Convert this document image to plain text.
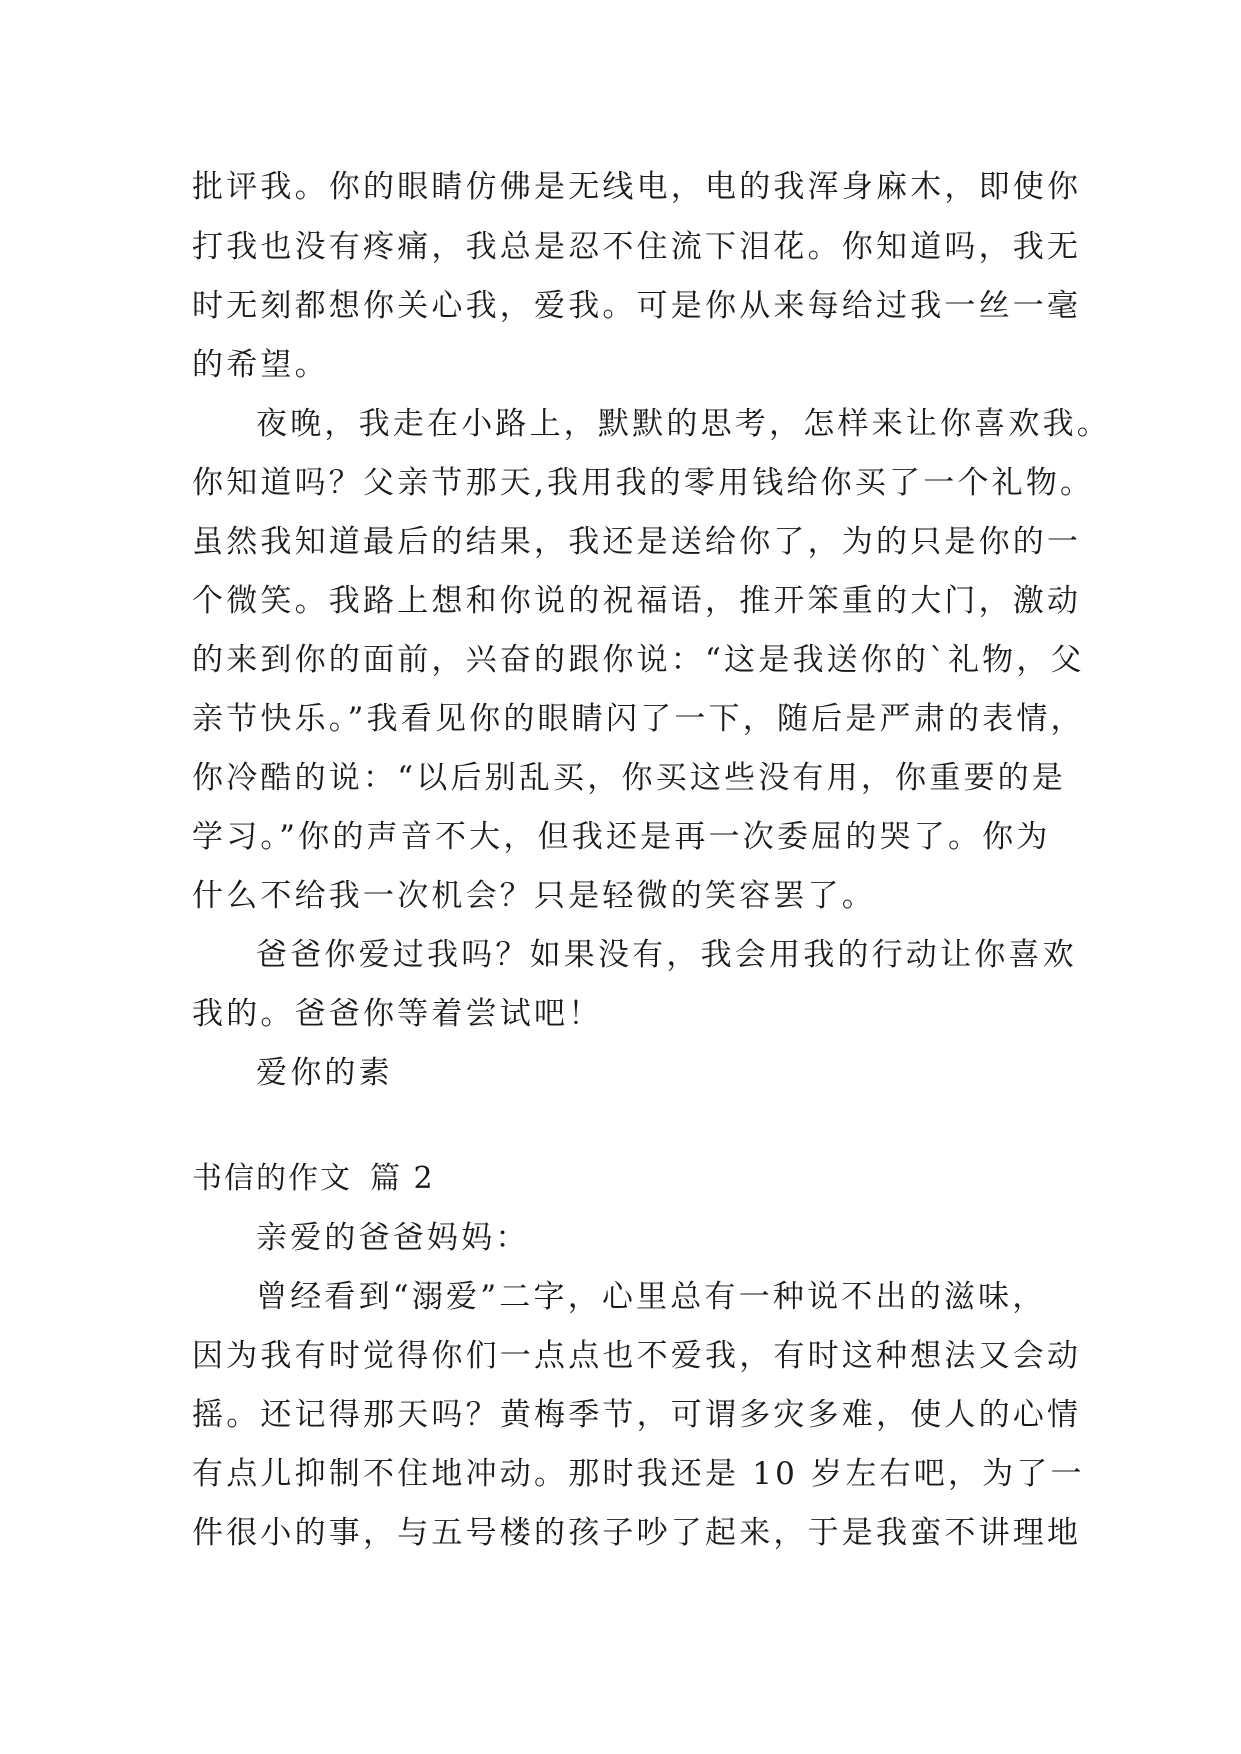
批评我。你的眼睛仿佛是无线电，电的我浑身麻木，即使你
打我也没有疼痛，我总是忍不住流下泪花。你知道吗，我无
时无刻都想你关心我，爱我。可是你从来每给过我一丝一毫
的希望。
夜晚，我走在小路上，默默的思考，怎样来让你喜欢我。
你知道吗？父亲节那天,我用我的零用钱给你买了一个礼物。
虽然我知道最后的结果，我还是送给你了，为的只是你的一
个微笑。我路上想和你说的祝福语，推开笨重的大门，激动
的来到你的面前，兴奋的跟你说：“这是我送你的`礼物，父
亲节快乐。”我看见你的眼睛闪了一下，随后是严肃的表情，
你冷酷的说：“以后别乱买，你买这些没有用，你重要的是
学习。”你的声音不大，但我还是再一次委屈的哭了。你为
什么不给我一次机会？只是轻微的笑容罢了。
爸爸你爱过我吗？如果没有，我会用我的行动让你喜欢
我的。爸爸你等着尝试吧！
爱你的素
书信的作文 篇 2
亲爱的爸爸妈妈：
曾经看到“溺爱”二字，心里总有一种说不出的滋味，
因为我有时觉得你们一点点也不爱我，有时这种想法又会动
摇。还记得那天吗？黄梅季节，可谓多灾多难，使人的心情
有点儿抑制不住地冲动。那时我还是 10 岁左右吧，为了一
件很小的事，与五号楼的孩子吵了起来，于是我蛮不讲理地
